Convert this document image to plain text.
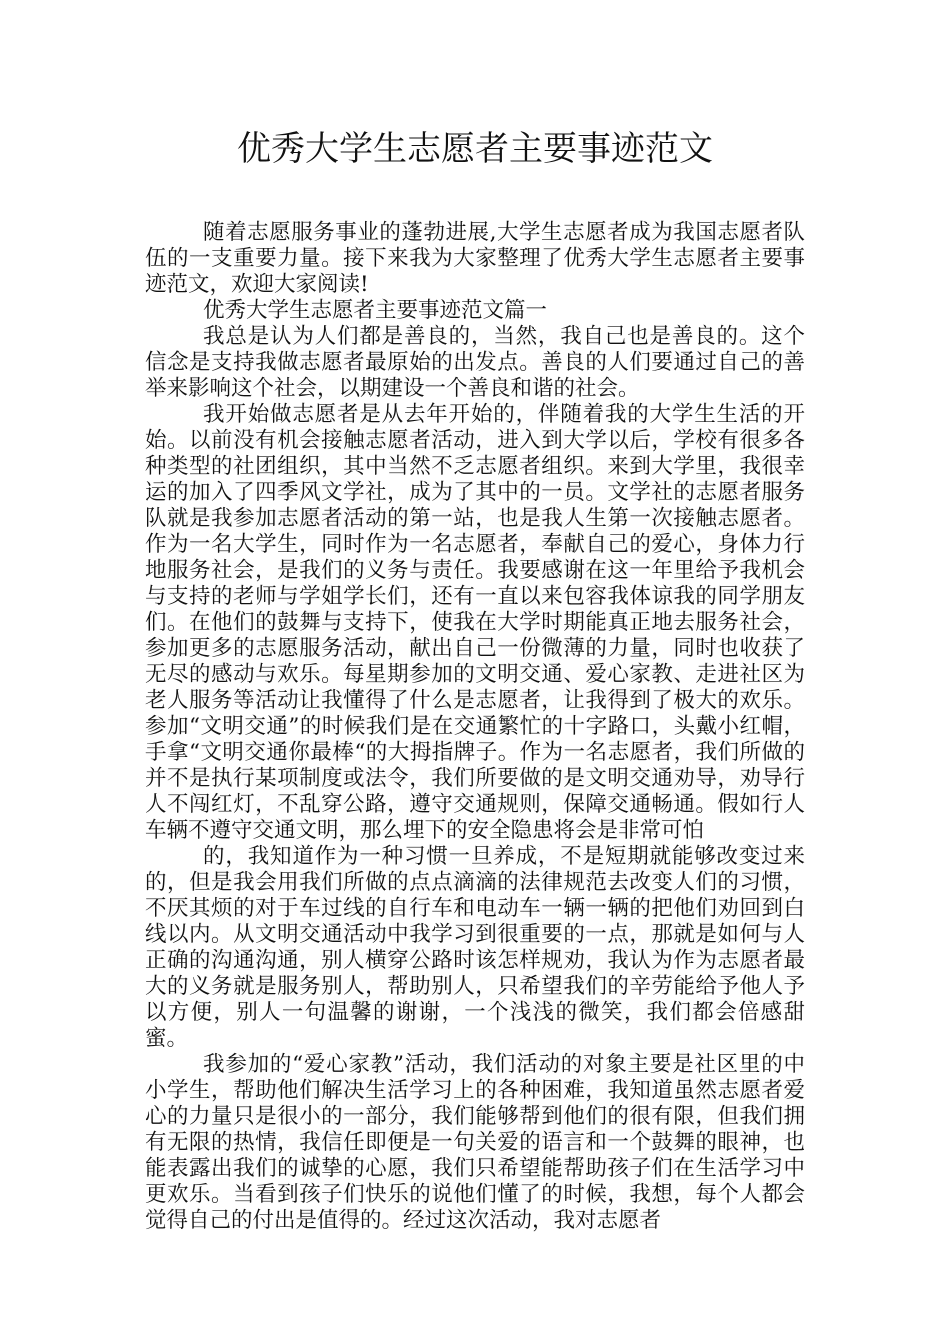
优秀大学生志愿者主要事迹范文

随着志愿服务事业的蓬勃进展,大学生志愿者成为我国志愿者队伍的一支重要力量。接下来我为大家整理了优秀大学生志愿者主要事迹范文，欢迎大家阅读!

优秀大学生志愿者主要事迹范文篇一

我总是认为人们都是善良的，当然，我自己也是善良的。这个信念是支持我做志愿者最原始的出发点。善良的人们要通过自己的善举来影响这个社会，以期建设一个善良和谐的社会。

我开始做志愿者是从去年开始的，伴随着我的大学生生活的开始。以前没有机会接触志愿者活动，进入到大学以后，学校有很多各种类型的社团组织，其中当然不乏志愿者组织。来到大学里，我很幸运的加入了四季风文学社，成为了其中的一员。文学社的志愿者服务队就是我参加志愿者活动的第一站，也是我人生第一次接触志愿者。作为一名大学生，同时作为一名志愿者，奉献自己的爱心，身体力行地服务社会，是我们的义务与责任。我要感谢在这一年里给予我机会与支持的老师与学姐学长们，还有一直以来包容我体谅我的同学朋友们。在他们的鼓舞与支持下，使我在大学时期能真正地去服务社会，参加更多的志愿服务活动，献出自己一份微薄的力量，同时也收获了无尽的感动与欢乐。每星期参加的文明交通、爱心家教、走进社区为老人服务等活动让我懂得了什么是志愿者，让我得到了极大的欢乐。 参加“文明交通”的时候我们是在交通繁忙的十字路口，头戴小红帽，手拿“文明交通你最棒“的大拇指牌子。作为一名志愿者，我们所做的并不是执行某项制度或法令，我们所要做的是文明交通劝导，劝导行人不闯红灯，不乱穿公路，遵守交通规则，保障交通畅通。假如行人车辆不遵守交通文明，那么埋下的安全隐患将会是非常可怕

的，我知道作为一种习惯一旦养成，不是短期就能够改变过来的，但是我会用我们所做的点点滴滴的法律规范去改变人们的习惯，不厌其烦的对于车过线的自行车和电动车一辆一辆的把他们劝回到白线以内。从文明交通活动中我学习到很重要的一点，那就是如何与人正确的沟通沟通，别人横穿公路时该怎样规劝，我认为作为志愿者最大的义务就是服务别人，帮助别人，只希望我们的辛劳能给予他人予以方便，别人一句温馨的谢谢，一个浅浅的微笑，我们都会倍感甜蜜。

我参加的“爱心家教”活动，我们活动的对象主要是社区里的中小学生，帮助他们解决生活学习上的各种困难，我知道虽然志愿者爱心的力量只是很小的一部分，我们能够帮到他们的很有限，但我们拥有无限的热情，我信任即便是一句关爱的语言和一个鼓舞的眼神，也能表露出我们的诚挚的心愿，我们只希望能帮助孩子们在生活学习中更欢乐。当看到孩子们快乐的说他们懂了的时候，我想，每个人都会觉得自己的付出是值得的。经过这次活动，我对志愿者
